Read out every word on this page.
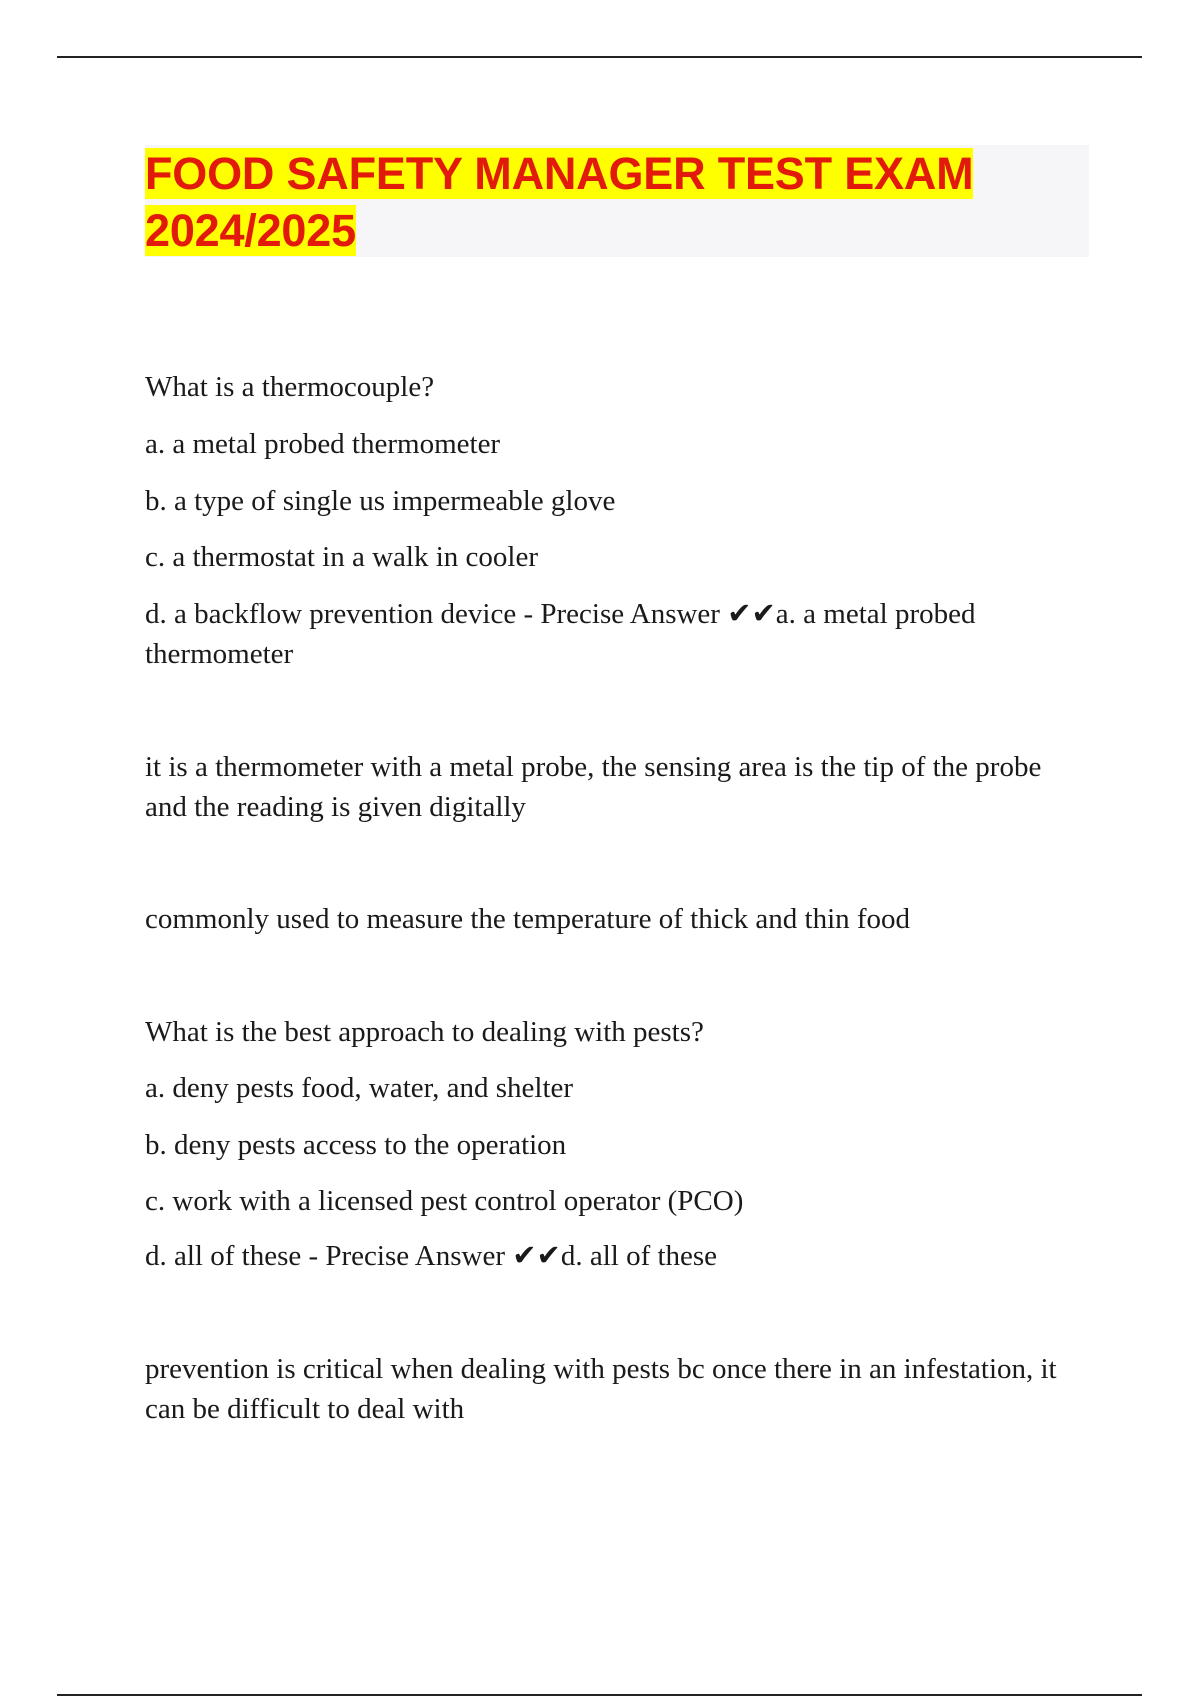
FOOD SAFETY MANAGER TEST EXAM
2024/2025

What is a thermocouple?

a. a metal probed thermometer

b. a type of single us impermeable glove

c. a thermostat in a walk in cooler

d. a backflow prevention device - Precise Answer ✔✔a. a metal probed thermometer

it is a thermometer with a metal probe, the sensing area is the tip of the probe and the reading is given digitally

commonly used to measure the temperature of thick and thin food

What is the best approach to dealing with pests?

a. deny pests food, water, and shelter

b. deny pests access to the operation

c. work with a licensed pest control operator (PCO)

d. all of these - Precise Answer ✔✔d. all of these

prevention is critical when dealing with pests bc once there in an infestation, it can be difficult to deal with
